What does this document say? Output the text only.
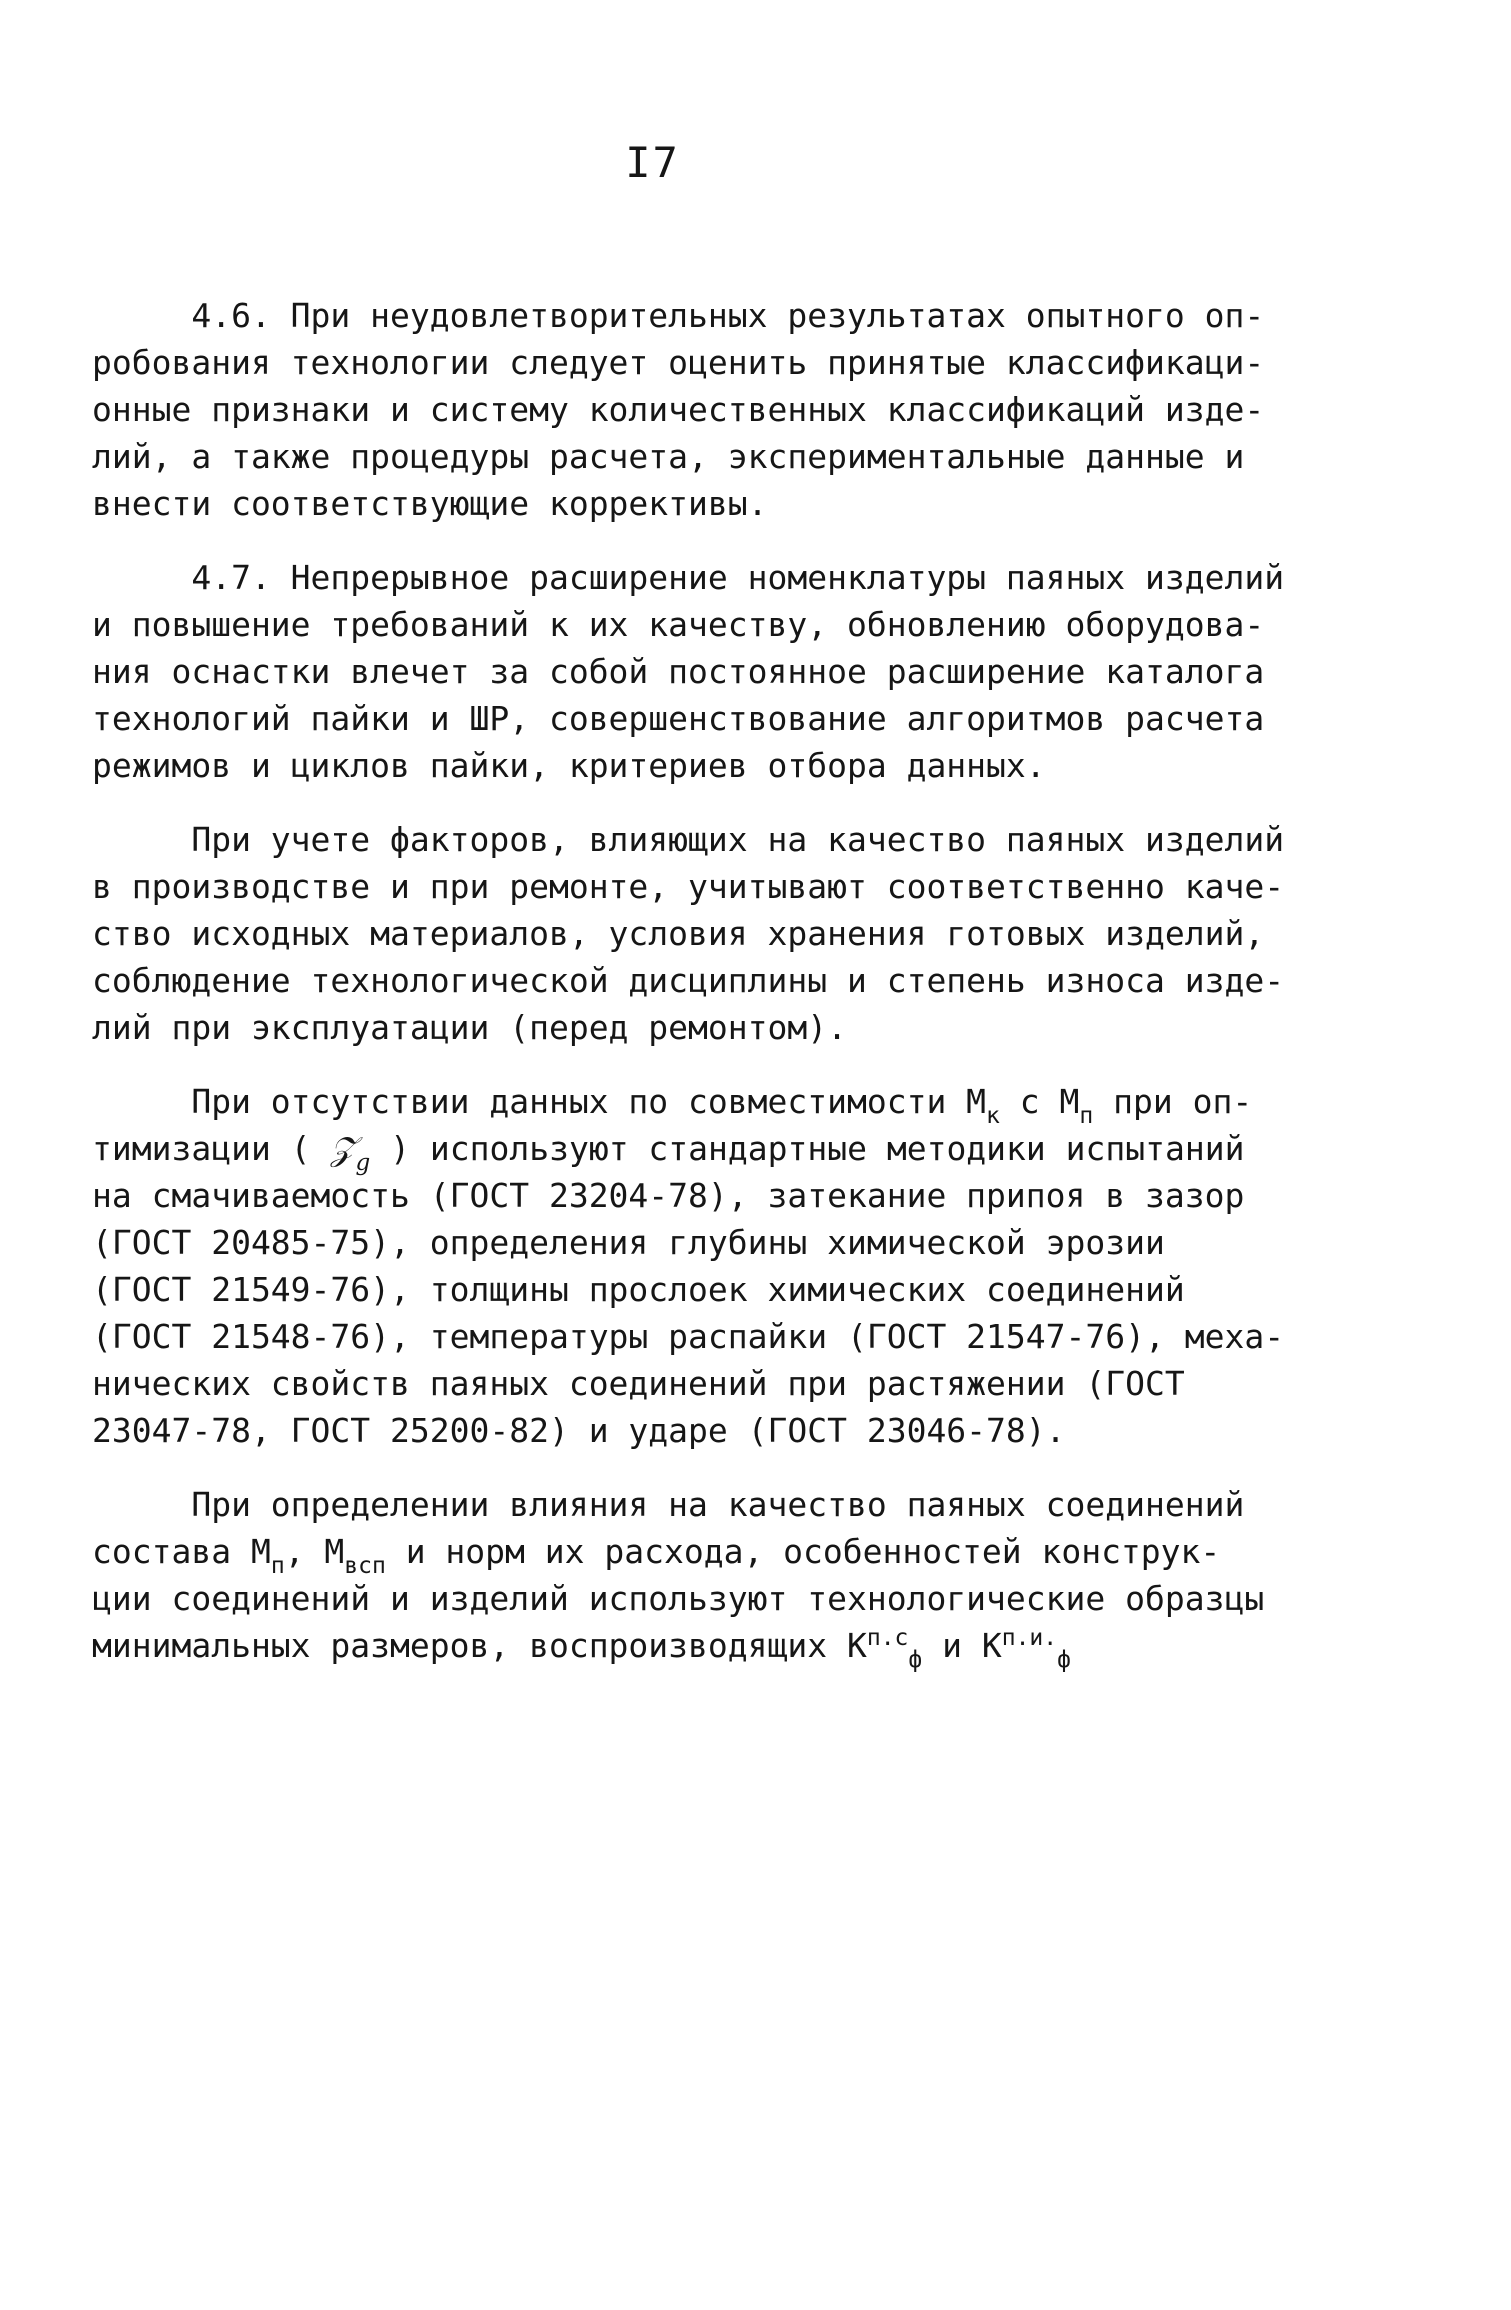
I7

4.6. При неудовлетворительных результатах опытного оп-
робования технологии следует оценить принятые классификаци-
онные признаки и систему количественных классификаций изде-
лий, а также процедуры расчета, экспериментальные данные и
внести соответствующие коррективы.

4.7. Непрерывное расширение номенклатуры паяных изделий
и повышение требований к их качеству, обновлению оборудова-
ния оснастки влечет за собой постоянное расширение каталога
технологий пайки и ШР, совершенствование алгоритмов расчета
режимов и циклов пайки, критериев отбора данных.

При учете факторов, влияющих на качество паяных изделий
в производстве и при ремонте, учитывают соответственно каче-
ство исходных материалов, условия хранения готовых изделий,
соблюдение технологической дисциплины и степень износа изде-
лий при эксплуатации (перед ремонтом).

При отсутствии данных по совместимости $М_к$ с $М_п$ при оп-
тимизации ( 𝒵$_g$ ) используют стандартные методики испытаний
на смачиваемость (ГОСТ 23204-78), затекание припоя в зазор
(ГОСТ 20485-75), определения глубины химической эрозии
(ГОСТ 21549-76), толщины прослоек химических соединений
(ГОСТ 21548-76), температуры распайки (ГОСТ 21547-76), меха-
нических свойств паяных соединений при растяжении (ГОСТ
23047-78, ГОСТ 25200-82) и ударе (ГОСТ 23046-78).

При определении влияния на качество паяных соединений
состава $М_п$, $М_{всп}$ и норм их расхода, особенностей конструк-
ции соединений и изделий используют технологические образцы
минимальных размеров, воспроизводящих $К^{п.с}_ф$ и $К^{п.и.}_ф$
